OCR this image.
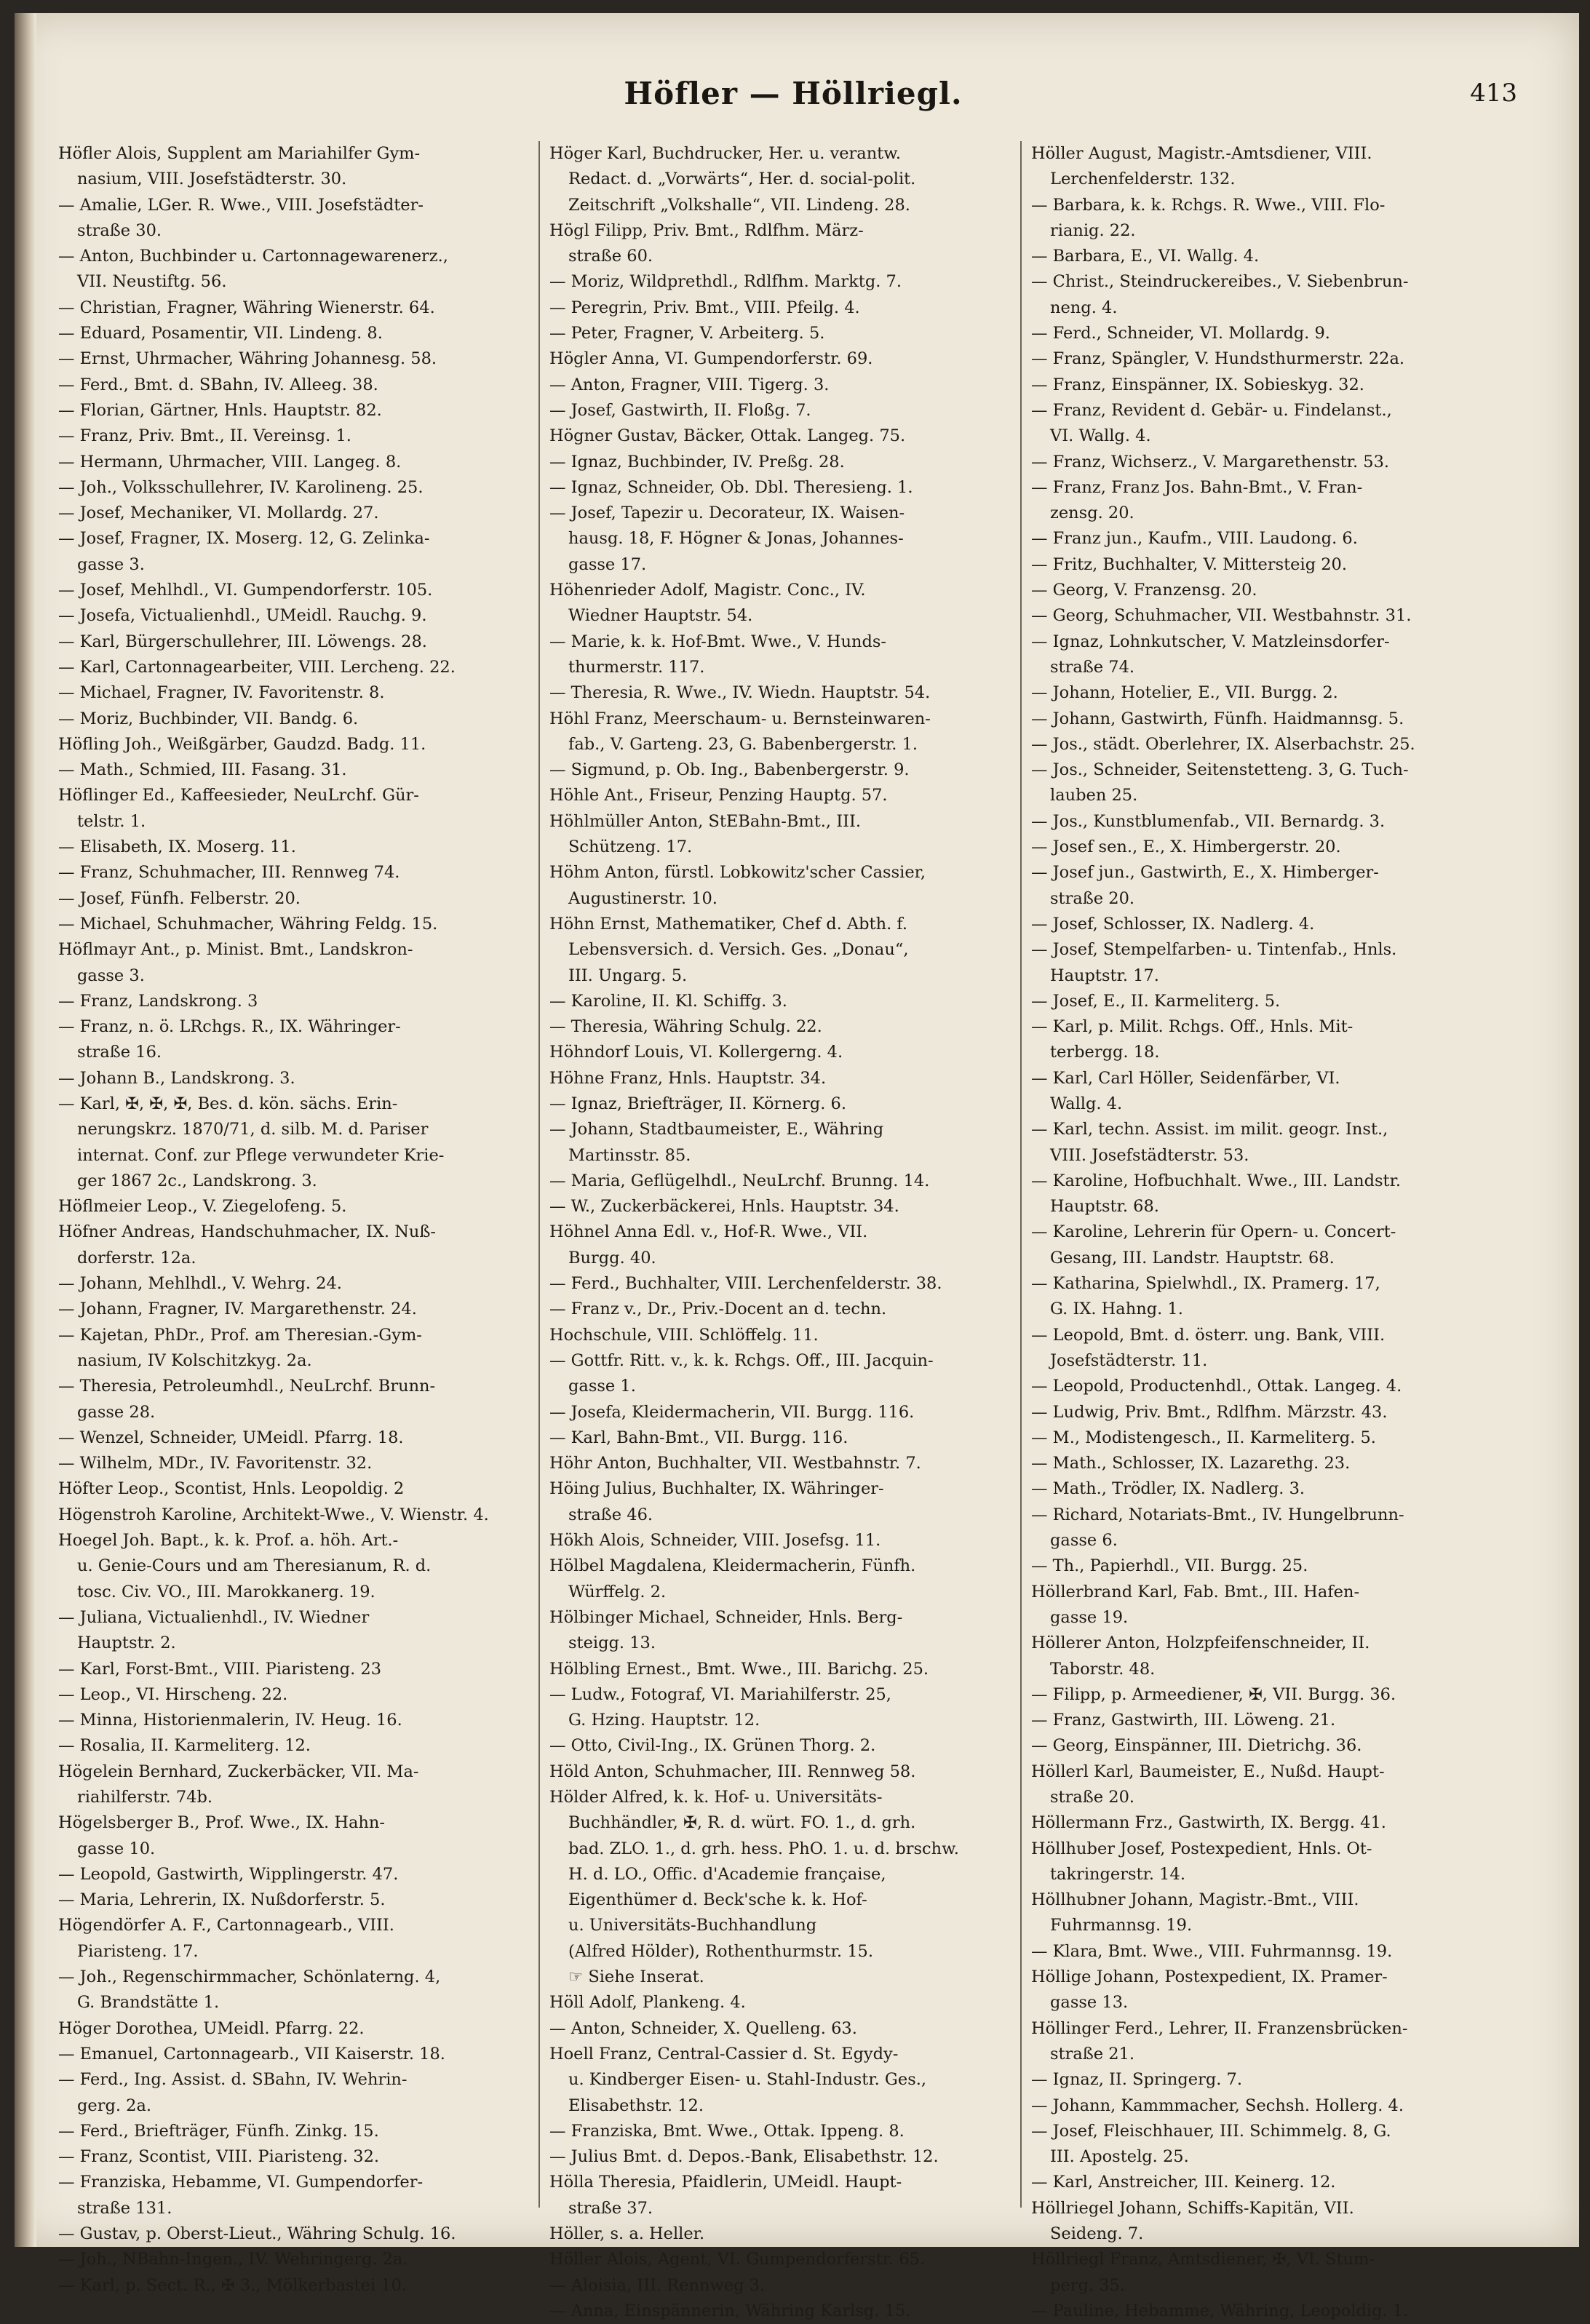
Höfler — Höllriegl.	413
Höfler Alois, Supplent am Mariahilfer Gym-
nasium, VIII. Josefstädterstr. 30.
— Amalie, LGer. R. Wwe., VIII. Josefstädter-
straße 30.
— Anton, Buchbinder u. Cartonnagewarenerz.,
VII. Neustiftg. 56.
— Christian, Fragner, Währing Wienerstr. 64.
— Eduard, Posamentir, VII. Lindeng. 8.
— Ernst, Uhrmacher, Währing Johannesg. 58.
— Ferd., Bmt. d. SBahn, IV. Alleeg. 38.
— Florian, Gärtner, Hnls. Hauptstr. 82.
— Franz, Priv. Bmt., II. Vereinsg. 1.
— Hermann, Uhrmacher, VIII. Langeg. 8.
— Joh., Volksschullehrer, IV. Karolineng. 25.
— Josef, Mechaniker, VI. Mollardg. 27.
— Josef, Fragner, IX. Moserg. 12, G. Zelinka-
gasse 3.
— Josef, Mehlhdl., VI. Gumpendorferstr. 105.
— Josefa, Victualienhdl., UMeidl. Rauchg. 9.
— Karl, Bürgerschullehrer, III. Löwengs. 28.
— Karl, Cartonnagearbeiter, VIII. Lercheng. 22.
— Michael, Fragner, IV. Favoritenstr. 8.
— Moriz, Buchbinder, VII. Bandg. 6.
Höfling Joh., Weißgärber, Gaudzd. Badg. 11.
— Math., Schmied, III. Fasang. 31.
Höflinger Ed., Kaffeesieder, NeuLrchf. Gür-
telstr. 1.
— Elisabeth, IX. Moserg. 11.
— Franz, Schuhmacher, III. Rennweg 74.
— Josef, Fünfh. Felberstr. 20.
— Michael, Schuhmacher, Währing Feldg. 15.
Höflmayr Ant., p. Minist. Bmt., Landskron-
gasse 3.
— Franz, Landskrong. 3
— Franz, n. ö. LRchgs. R., IX. Währinger-
straße 16.
— Johann B., Landskrong. 3.
— Karl, ✠, ✠, ✠, Bes. d. kön. sächs. Erin-
nerungskrz. 1870/71, d. silb. M. d. Pariser
internat. Conf. zur Pflege verwundeter Krie-
ger 1867 2c., Landskrong. 3.
Höflmeier Leop., V. Ziegelofeng. 5.
Höfner Andreas, Handschuhmacher, IX. Nuß-
dorferstr. 12a.
— Johann, Mehlhdl., V. Wehrg. 24.
— Johann, Fragner, IV. Margarethenstr. 24.
— Kajetan, PhDr., Prof. am Theresian.-Gym-
nasium, IV Kolschitzkyg. 2a.
— Theresia, Petroleumhdl., NeuLrchf. Brunn-
gasse 28.
— Wenzel, Schneider, UMeidl. Pfarrg. 18.
— Wilhelm, MDr., IV. Favoritenstr. 32.
Höfter Leop., Scontist, Hnls. Leopoldig. 2
Högenstroh Karoline, Architekt-Wwe., V. Wienstr. 4.
Hoegel Joh. Bapt., k. k. Prof. a. höh. Art.-
u. Genie-Cours und am Theresianum, R. d.
tosc. Civ. VO., III. Marokkanerg. 19.
— Juliana, Victualienhdl., IV. Wiedner
Hauptstr. 2.
— Karl, Forst-Bmt., VIII. Piaristeng. 23
— Leop., VI. Hirscheng. 22.
— Minna, Historienmalerin, IV. Heug. 16.
— Rosalia, II. Karmeliterg. 12.
Högelein Bernhard, Zuckerbäcker, VII. Ma-
riahilferstr. 74b.
Högelsberger B., Prof. Wwe., IX. Hahn-
gasse 10.
— Leopold, Gastwirth, Wipplingerstr. 47.
— Maria, Lehrerin, IX. Nußdorferstr. 5.
Högendörfer A. F., Cartonnagearb., VIII.
Piaristeng. 17.
— Joh., Regenschirmmacher, Schönlaterng. 4,
G. Brandstätte 1.
Höger Dorothea, UMeidl. Pfarrg. 22.
— Emanuel, Cartonnagearb., VII Kaiserstr. 18.
— Ferd., Ing. Assist. d. SBahn, IV. Wehrin-
gerg. 2a.
— Ferd., Briefträger, Fünfh. Zinkg. 15.
— Franz, Scontist, VIII. Piaristeng. 32.
— Franziska, Hebamme, VI. Gumpendorfer-
straße 131.
— Gustav, p. Oberst-Lieut., Währing Schulg. 16.
— Joh., NBahn-Ingen., IV. Wehringerg. 2a.
— Karl, p. Sect. R., ✠ 3., Mölkerbastei 10.
Höger Karl, Buchdrucker, Her. u. verantw.
Redact. d. „Vorwärts“, Her. d. social-polit.
Zeitschrift „Volkshalle“, VII. Lindeng. 28.
Högl Filipp, Priv. Bmt., Rdlfhm. März-
straße 60.
— Moriz, Wildprethdl., Rdlfhm. Marktg. 7.
— Peregrin, Priv. Bmt., VIII. Pfeilg. 4.
— Peter, Fragner, V. Arbeiterg. 5.
Högler Anna, VI. Gumpendorferstr. 69.
— Anton, Fragner, VIII. Tigerg. 3.
— Josef, Gastwirth, II. Floßg. 7.
Högner Gustav, Bäcker, Ottak. Langeg. 75.
— Ignaz, Buchbinder, IV. Preßg. 28.
— Ignaz, Schneider, Ob. Dbl. Theresieng. 1.
— Josef, Tapezir u. Decorateur, IX. Waisen-
hausg. 18, F. Högner & Jonas, Johannes-
gasse 17.
Höhenrieder Adolf, Magistr. Conc., IV.
Wiedner Hauptstr. 54.
— Marie, k. k. Hof-Bmt. Wwe., V. Hunds-
thurmerstr. 117.
— Theresia, R. Wwe., IV. Wiedn. Hauptstr. 54.
Höhl Franz, Meerschaum- u. Bernsteinwaren-
fab., V. Garteng. 23, G. Babenbergerstr. 1.
— Sigmund, p. Ob. Ing., Babenbergerstr. 9.
Höhle Ant., Friseur, Penzing Hauptg. 57.
Höhlmüller Anton, StEBahn-Bmt., III.
Schützeng. 17.
Höhm Anton, fürstl. Lobkowitz'scher Cassier,
Augustinerstr. 10.
Höhn Ernst, Mathematiker, Chef d. Abth. f.
Lebensversich. d. Versich. Ges. „Donau“,
III. Ungarg. 5.
— Karoline, II. Kl. Schiffg. 3.
— Theresia, Währing Schulg. 22.
Höhndorf Louis, VI. Kollergerng. 4.
Höhne Franz, Hnls. Hauptstr. 34.
— Ignaz, Briefträger, II. Körnerg. 6.
— Johann, Stadtbaumeister, E., Währing
Martinsstr. 85.
— Maria, Geflügelhdl., NeuLrchf. Brunng. 14.
— W., Zuckerbäckerei, Hnls. Hauptstr. 34.
Höhnel Anna Edl. v., Hof-R. Wwe., VII.
Burgg. 40.
— Ferd., Buchhalter, VIII. Lerchenfelderstr. 38.
— Franz v., Dr., Priv.-Docent an d. techn.
Hochschule, VIII. Schlöffelg. 11.
— Gottfr. Ritt. v., k. k. Rchgs. Off., III. Jacquin-
gasse 1.
— Josefa, Kleidermacherin, VII. Burgg. 116.
— Karl, Bahn-Bmt., VII. Burgg. 116.
Höhr Anton, Buchhalter, VII. Westbahnstr. 7.
Höing Julius, Buchhalter, IX. Währinger-
straße 46.
Hökh Alois, Schneider, VIII. Josefsg. 11.
Hölbel Magdalena, Kleidermacherin, Fünfh.
Würffelg. 2.
Hölbinger Michael, Schneider, Hnls. Berg-
steigg. 13.
Hölbling Ernest., Bmt. Wwe., III. Barichg. 25.
— Ludw., Fotograf, VI. Mariahilferstr. 25,
G. Hzing. Hauptstr. 12.
— Otto, Civil-Ing., IX. Grünen Thorg. 2.
Höld Anton, Schuhmacher, III. Rennweg 58.
Hölder Alfred, k. k. Hof- u. Universitäts-
Buchhändler, ✠, R. d. würt. FO. 1., d. grh.
bad. ZLO. 1., d. grh. hess. PhO. 1. u. d. brschw.
H. d. LO., Offic. d'Academie française,
Eigenthümer d. Beck'sche k. k. Hof-
u. Universitäts-Buchhandlung
(Alfred Hölder), Rothenthurmstr. 15.
☞ Siehe Inserat.
Höll Adolf, Plankeng. 4.
— Anton, Schneider, X. Quelleng. 63.
Hoell Franz, Central-Cassier d. St. Egydy-
u. Kindberger Eisen- u. Stahl-Industr. Ges.,
Elisabethstr. 12.
— Franziska, Bmt. Wwe., Ottak. Ippeng. 8.
— Julius Bmt. d. Depos.-Bank, Elisabethstr. 12.
Hölla Theresia, Pfaidlerin, UMeidl. Haupt-
straße 37.
Höller, s. a. Heller.
Höller Alois, Agent, VI. Gumpendorferstr. 65.
— Aloisia, III. Rennweg 3.
— Anna, Einspännerin, Währing Karlsg. 15.
Höller August, Magistr.-Amtsdiener, VIII.
Lerchenfelderstr. 132.
— Barbara, k. k. Rchgs. R. Wwe., VIII. Flo-
rianig. 22.
— Barbara, E., VI. Wallg. 4.
— Christ., Steindruckereibes., V. Siebenbrun-
neng. 4.
— Ferd., Schneider, VI. Mollardg. 9.
— Franz, Spängler, V. Hundsthurmerstr. 22a.
— Franz, Einspänner, IX. Sobieskyg. 32.
— Franz, Revident d. Gebär- u. Findelanst.,
VI. Wallg. 4.
— Franz, Wichserz., V. Margarethenstr. 53.
— Franz, Franz Jos. Bahn-Bmt., V. Fran-
zensg. 20.
— Franz jun., Kaufm., VIII. Laudong. 6.
— Fritz, Buchhalter, V. Mittersteig 20.
— Georg, V. Franzensg. 20.
— Georg, Schuhmacher, VII. Westbahnstr. 31.
— Ignaz, Lohnkutscher, V. Matzleinsdorfer-
straße 74.
— Johann, Hotelier, E., VII. Burgg. 2.
— Johann, Gastwirth, Fünfh. Haidmannsg. 5.
— Jos., städt. Oberlehrer, IX. Alserbachstr. 25.
— Jos., Schneider, Seitenstetteng. 3, G. Tuch-
lauben 25.
— Jos., Kunstblumenfab., VII. Bernardg. 3.
— Josef sen., E., X. Himbergerstr. 20.
— Josef jun., Gastwirth, E., X. Himberger-
straße 20.
— Josef, Schlosser, IX. Nadlerg. 4.
— Josef, Stempelfarben- u. Tintenfab., Hnls.
Hauptstr. 17.
— Josef, E., II. Karmeliterg. 5.
— Karl, p. Milit. Rchgs. Off., Hnls. Mit-
terbergg. 18.
— Karl, Carl Höller, Seidenfärber, VI.
Wallg. 4.
— Karl, techn. Assist. im milit. geogr. Inst.,
VIII. Josefstädterstr. 53.
— Karoline, Hofbuchhalt. Wwe., III. Landstr.
Hauptstr. 68.
— Karoline, Lehrerin für Opern- u. Concert-
Gesang, III. Landstr. Hauptstr. 68.
— Katharina, Spielwhdl., IX. Pramerg. 17,
G. IX. Hahng. 1.
— Leopold, Bmt. d. österr. ung. Bank, VIII.
Josefstädterstr. 11.
— Leopold, Productenhdl., Ottak. Langeg. 4.
— Ludwig, Priv. Bmt., Rdlfhm. Märzstr. 43.
— M., Modistengesch., II. Karmeliterg. 5.
— Math., Schlosser, IX. Lazarethg. 23.
— Math., Trödler, IX. Nadlerg. 3.
— Richard, Notariats-Bmt., IV. Hungelbrunn-
gasse 6.
— Th., Papierhdl., VII. Burgg. 25.
Höllerbrand Karl, Fab. Bmt., III. Hafen-
gasse 19.
Höllerer Anton, Holzpfeifenschneider, II.
Taborstr. 48.
— Filipp, p. Armeediener, ✠, VII. Burgg. 36.
— Franz, Gastwirth, III. Löweng. 21.
— Georg, Einspänner, III. Dietrichg. 36.
Höllerl Karl, Baumeister, E., Nußd. Haupt-
straße 20.
Höllermann Frz., Gastwirth, IX. Bergg. 41.
Höllhuber Josef, Postexpedient, Hnls. Ot-
takringerstr. 14.
Höllhubner Johann, Magistr.-Bmt., VIII.
Fuhrmannsg. 19.
— Klara, Bmt. Wwe., VIII. Fuhrmannsg. 19.
Höllige Johann, Postexpedient, IX. Pramer-
gasse 13.
Höllinger Ferd., Lehrer, II. Franzensbrücken-
straße 21.
— Ignaz, II. Springerg. 7.
— Johann, Kammmacher, Sechsh. Hollerg. 4.
— Josef, Fleischhauer, III. Schimmelg. 8, G.
III. Apostelg. 25.
— Karl, Anstreicher, III. Keinerg. 12.
Höllriegel Johann, Schiffs-Kapitän, VII.
Seideng. 7.
Höllriegl Franz, Amtsdiener, ✠, VI. Stum-
perg. 35.
— Pauline, Hebamme, Währing, Leopoldig. 1.
